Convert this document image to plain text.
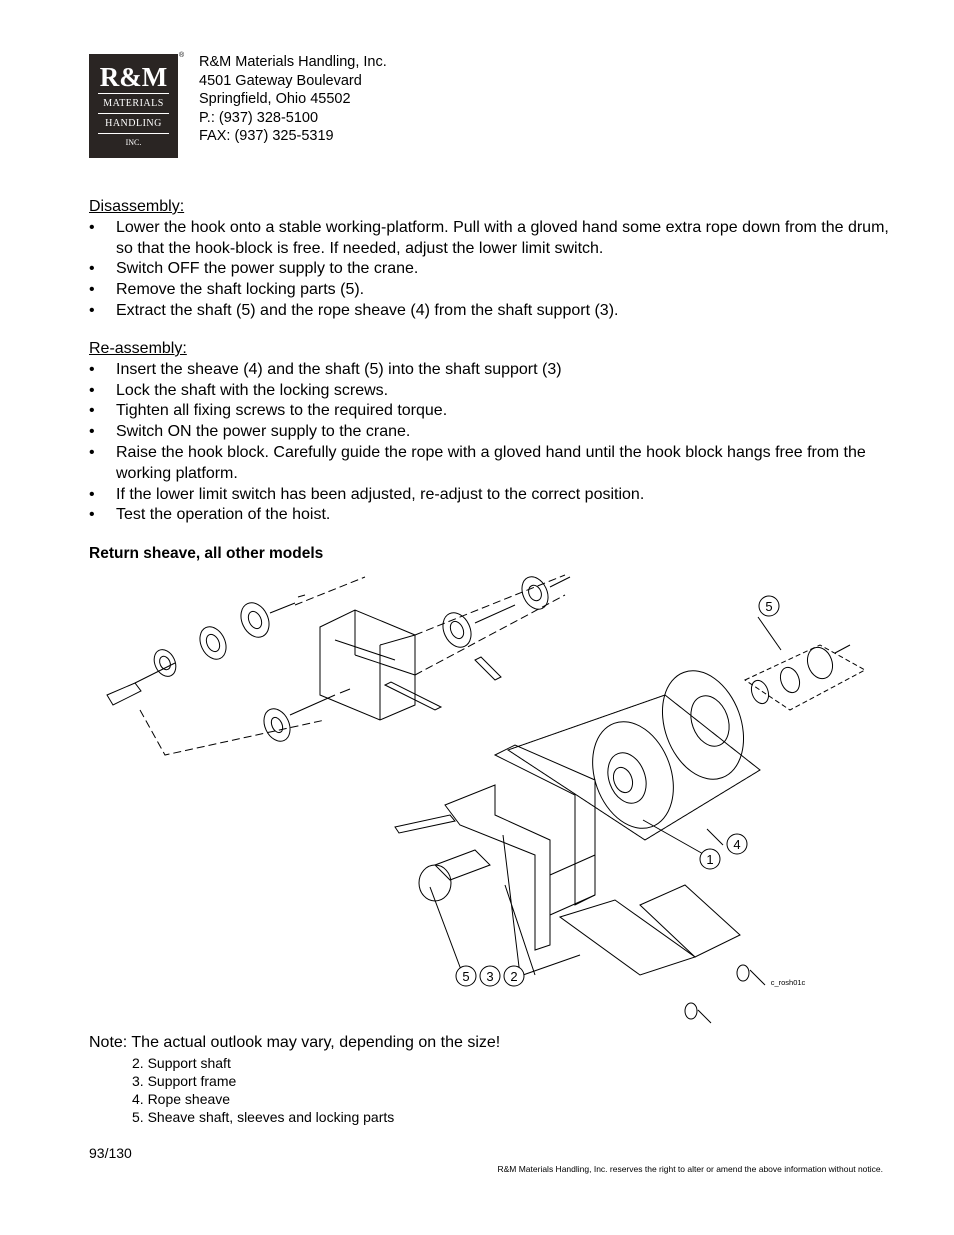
R&M
MATERIALS
HANDLING
INC.
® R&M Materials Handling, Inc.
4501 Gateway Boulevard
Springfield, Ohio 45502
P.: (937) 328-5100
FAX: (937) 325-5319
Disassembly:
• Lower the hook onto a stable working-platform. Pull with a gloved hand some extra rope down from the drum, so that the hook-block is free. If needed, adjust the lower limit switch.
• Switch OFF the power supply to the crane.
• Remove the shaft locking parts (5).
• Extract the shaft (5) and the rope sheave (4) from the shaft support (3).
Re-assembly:
• Insert the sheave (4) and the shaft (5) into the shaft support (3)
• Lock the shaft with the locking screws.
• Tighten all fixing screws to the required torque.
• Switch ON the power supply to the crane.
• Raise the hook block. Carefully guide the rope with a gloved hand until the hook block hangs free from the working platform.
• If the lower limit switch has been adjusted, re-adjust to the correct position.
• Test the operation of the hoist.
Return sheave, all other models
5
4
1
5 3 2	c_rosh01c
Note: The actual outlook may vary, depending on the size!
2. Support shaft
3. Support frame
4. Rope sheave
5. Sheave shaft, sleeves and locking parts
93/130
R&M Materials Handling, Inc. reserves the right to alter or amend the above information without notice.
